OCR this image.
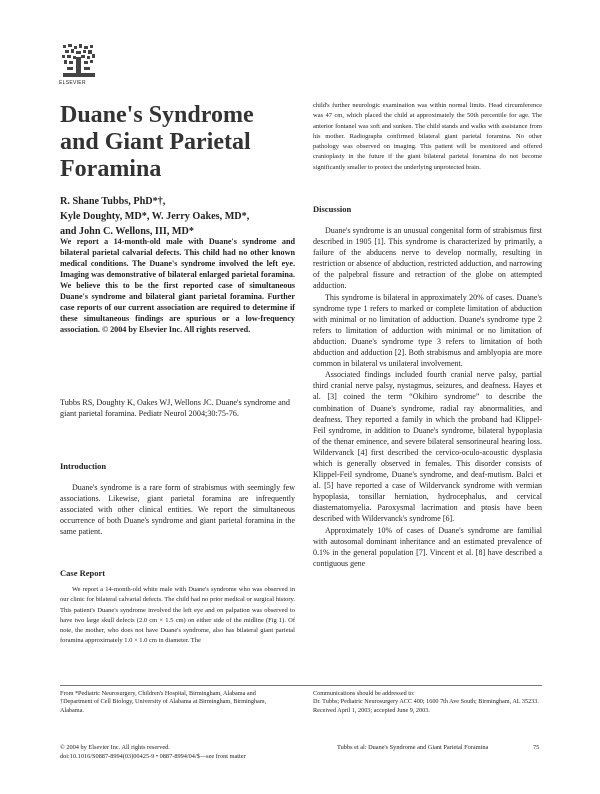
ELSEVIER
Duane's Syndrome
and Giant Parietal
Foramina
R. Shane Tubbs, PhD*†,
Kyle Doughty, MD*, W. Jerry Oakes, MD*,
and John C. Wellons, III, MD*
We report a 14-month-old male with Duane's syndrome and bilateral parietal calvarial defects. This child had no other known medical conditions. The Duane's syndrome involved the left eye. Imaging was demonstrative of bilateral enlarged parietal foramina. We believe this to be the first reported case of simultaneous Duane's syndrome and bilateral giant parietal foramina. Further case reports of our current association are required to determine if these simultaneous findings are spurious or a low-frequency association. © 2004 by Elsevier Inc. All rights reserved.
Tubbs RS, Doughty K, Oakes WJ, Wellons JC. Duane's syndrome and giant parietal foramina. Pediatr Neurol 2004;30:75-76.
Introduction

Duane's syndrome is a rare form of strabismus with seemingly few associations. Likewise, giant parietal foramina are infrequently associated with other clinical entities. We report the simultaneous occurrence of both Duane's syndrome and giant parietal foramina in the same patient.

Case Report

We report a 14-month-old white male with Duane's syndrome who was observed in our clinic for bilateral calvarial defects. The child had no prior medical or surgical history. This patient's Duane's syndrome involved the left eye and on palpation was observed to have two large skull defects (2.0 cm × 1.5 cm) on either side of the midline (Fig 1). Of note, the mother, who does not have Duane's syndrome, also has bilateral giant parietal foramina approximately 1.0 × 1.0 cm in diameter. The

child's further neurologic examination was within normal limits. Head circumference was 47 cm, which placed the child at approximately the 50th percentile for age. The anterior fontanel was soft and sunken. The child stands and walks with assistance from his mother. Radiographs confirmed bilateral giant parietal foramina. No other pathology was observed on imaging. This patient will be monitored and offered cranioplasty in the future if the giant bilateral parietal foramina do not become significantly smaller to protect the underlying unprotected brain.
Discussion

Duane's syndrome is an unusual congenital form of strabismus first described in 1905 [1]. This syndrome is characterized by primarily, a failure of the abducens nerve to develop normally, resulting in restriction or absence of abduction, restricted adduction, and narrowing of the palpebral fissure and retraction of the globe on attempted adduction.

This syndrome is bilateral in approximately 20% of cases. Duane's syndrome type 1 refers to marked or complete limitation of abduction with minimal or no limitation of adduction. Duane's syndrome type 2 refers to limitation of adduction with minimal or no limitation of abduction. Duane's syndrome type 3 refers to limitation of both abduction and adduction [2]. Both strabismus and amblyopia are more common in bilateral vs unilateral involvement.

Associated findings included fourth cranial nerve palsy, partial third cranial nerve palsy, nystagmus, seizures, and deafness. Hayes et al. [3] coined the term “Okihiro syndrome” to describe the combination of Duane's syndrome, radial ray abnormalities, and deafness. They reported a family in which the proband had Klippel-Feil syndrome, in addition to Duane's syndrome, bilateral hypoplasia of the thenar eminence, and severe bilateral sensorineural hearing loss. Wildervanck [4] first described the cervico-oculo-acoustic dysplasia which is generally observed in females. This disorder consists of Klippel-Feil syndrome, Duane's syndrome, and deaf-mutism. Balci et al. [5] have reported a case of Wildervanck syndrome with vermian hypoplasia, tonsillar herniation, hydrocephalus, and cervical diastematomyelia. Paroxysmal lacrimation and ptosis have been described with Wildervanck's syndrome [6].

Approximately 10% of cases of Duane's syndrome are familial with autosomal dominant inheritance and an estimated prevalence of 0.1% in the general population [7]. Vincent et al. [8] have described a contiguous gene

From *Pediatric Neurosurgery, Children's Hospital, Birmingham, Alabama and †Department of Cell Biology, University of Alabama at Birmingham, Birmingham, Alabama.
Communications should be addressed to:
Dr. Tubbs; Pediatric Neurosurgery ACC 400; 1600 7th Ave South; Birmingham, AL 35233.
Received April 1, 2003; accepted June 9, 2003.
© 2004 by Elsevier Inc. All rights reserved.
doi:10.1016/S0887-8994(03)00425-9 • 0887-8994/04/$—see front matter
Tubbs et al: Duane's Syndrome and Giant Parietal Foramina	75
